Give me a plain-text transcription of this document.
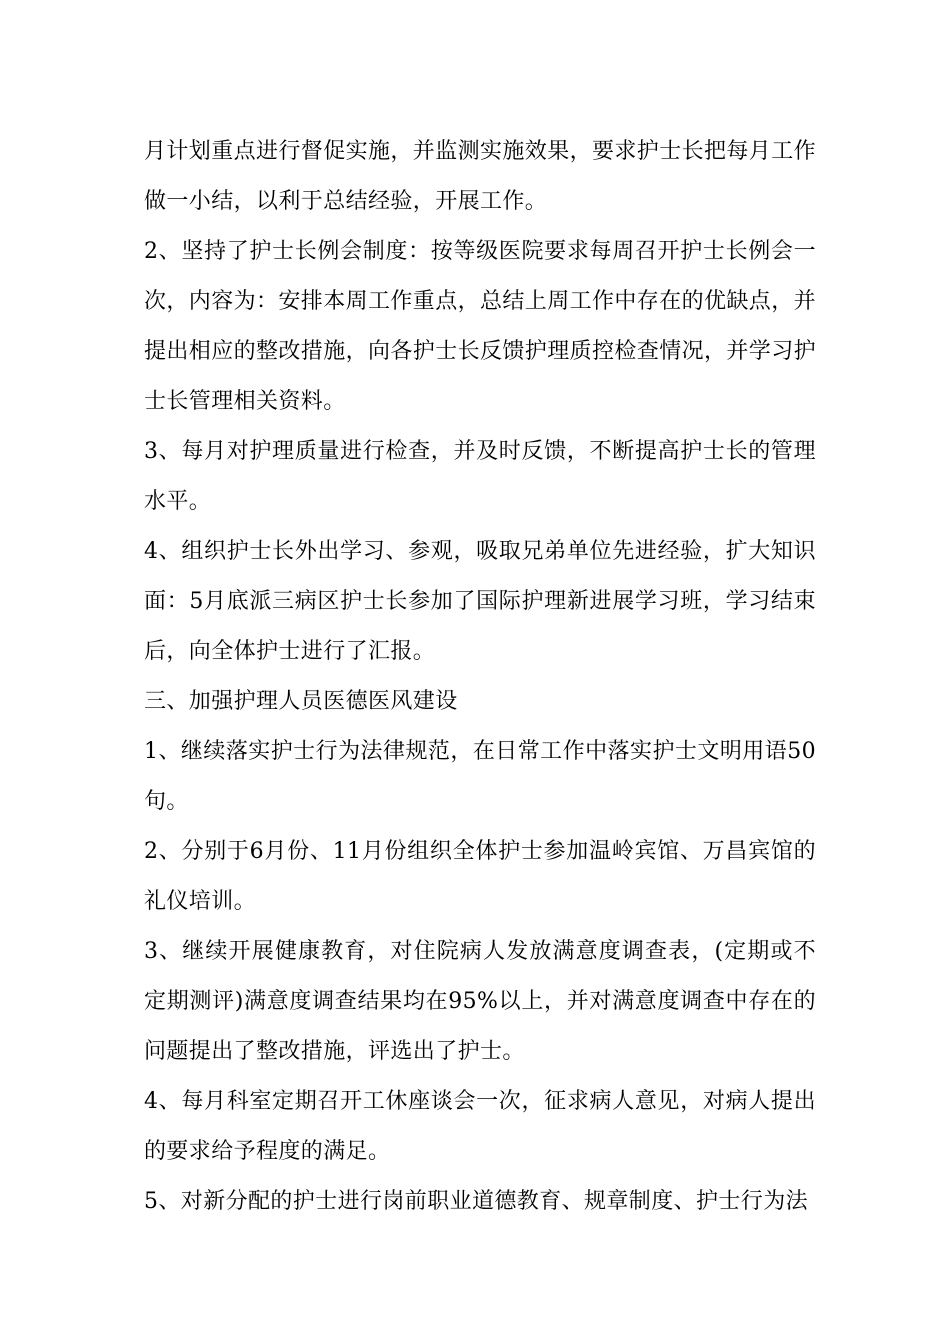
月计划重点进行督促实施，并监测实施效果，要求护士长把每月工作做一小结，以利于总结经验，开展工作。

2、坚持了护士长例会制度：按等级医院要求每周召开护士长例会一次，内容为：安排本周工作重点，总结上周工作中存在的优缺点，并提出相应的整改措施，向各护士长反馈护理质控检查情况，并学习护士长管理相关资料。

3、每月对护理质量进行检查，并及时反馈，不断提高护士长的管理水平。

4、组织护士长外出学习、参观，吸取兄弟单位先进经验，扩大知识面：5月底派三病区护士长参加了国际护理新进展学习班，学习结束后，向全体护士进行了汇报。

三、加强护理人员医德医风建设

1、继续落实护士行为法律规范，在日常工作中落实护士文明用语50句。

2、分别于6月份、11月份组织全体护士参加温岭宾馆、万昌宾馆的礼仪培训。

3、继续开展健康教育，对住院病人发放满意度调查表，(定期或不定期测评)满意度调查结果均在95%以上，并对满意度调查中存在的问题提出了整改措施，评选出了护士。

4、每月科室定期召开工休座谈会一次，征求病人意见，对病人提出的要求给予程度的满足。

5、对新分配的护士进行岗前职业道德教育、规章制度、护士行为法
